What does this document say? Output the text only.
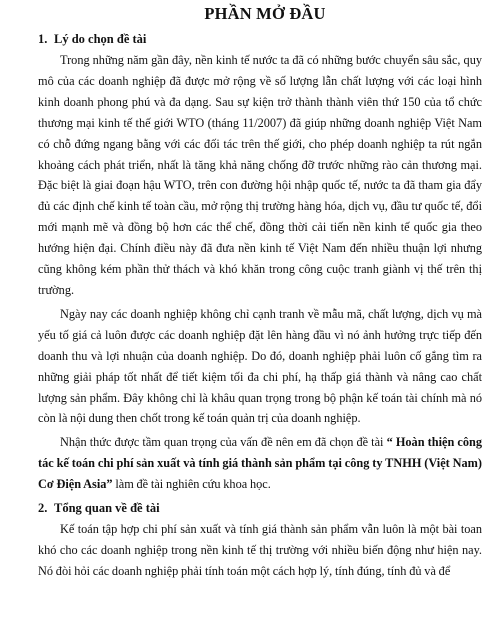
PHẦN MỞ ĐẦU
1. Lý do chọn đề tài

Trong những năm gần đây, nền kinh tế nước ta đã có những bước chuyển sâu sắc, quy mô của các doanh nghiệp đã được mở rộng về số lượng lẫn chất lượng với các loại hình kinh doanh phong phú và đa dạng. Sau sự kiện trở thành thành viên thứ 150 của tổ chức thương mại kinh tế thế giới WTO (tháng 11/2007) đã giúp những doanh nghiệp Việt Nam có chỗ đứng ngang bằng với các đối tác trên thế giới, cho phép doanh nghiệp ta rút ngắn khoảng cách phát triển, nhất là tăng khả năng chống đỡ trước những rào cản thương mại. Đặc biệt là giai đoạn hậu WTO, trên con đường hội nhập quốc tế, nước ta đã tham gia đẩy đủ các định chế kinh tế toàn cầu, mở rộng thị trường hàng hóa, dịch vụ, đầu tư quốc tế, đổi mới mạnh mẽ và đồng bộ hơn các thể chế, đồng thời cải tiến nền kinh tế quốc gia theo hướng hiện đại. Chính điều này đã đưa nền kinh tế Việt Nam đến nhiều thuận lợi nhưng cũng không kém phần thử thách và khó khăn trong công cuộc tranh giành vị thế trên thị trường.

Ngày nay các doanh nghiệp không chỉ cạnh tranh về mẫu mã, chất lượng, dịch vụ mà yếu tố giá cả luôn được các doanh nghiệp đặt lên hàng đầu vì nó ảnh hưởng trực tiếp đến doanh thu và lợi nhuận của doanh nghiệp. Do đó, doanh nghiệp phải luôn cố gắng tìm ra những giải pháp tốt nhất để tiết kiệm tối đa chi phí, hạ thấp giá thành và nâng cao chất lượng sản phẩm. Đây không chỉ là khâu quan trọng trong bộ phận kế toán tài chính mà nó còn là nội dung then chốt trong kế toán quản trị của doanh nghiệp.

Nhận thức được tầm quan trọng của vấn đề nên em đã chọn đề tài “ Hoàn thiện công tác kế toán chi phí sản xuất và tính giá thành sản phẩm tại công ty TNHH (Việt Nam) Cơ Điện Asia” làm đề tài nghiên cứu khoa học.

2. Tổng quan về đề tài

Kế toán tập hợp chi phí sản xuất và tính giá thành sản phẩm vẫn luôn là một bài toan khó cho các doanh nghiệp trong nền kinh tế thị trường với nhiều biến động như hiện nay. Nó đòi hỏi các doanh nghiệp phải tính toán một cách hợp lý, tính đúng, tính đủ và để
